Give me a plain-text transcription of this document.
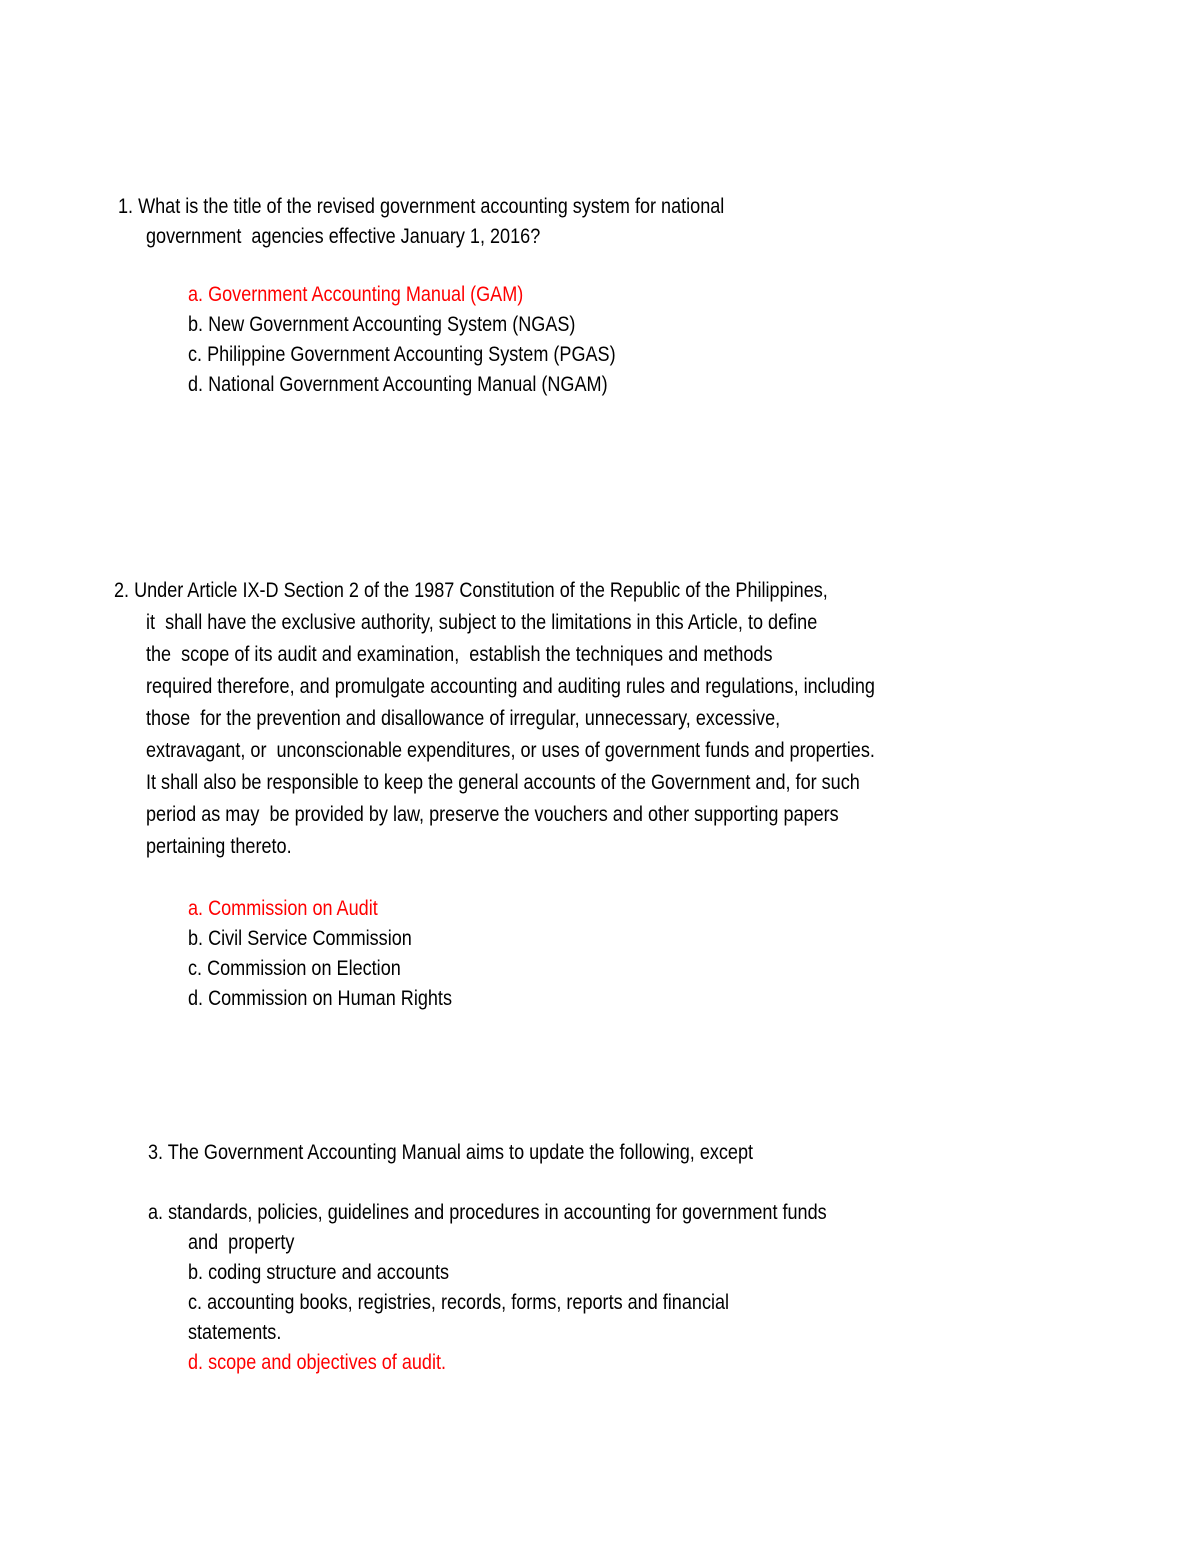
1. What is the title of the revised government accounting system for national
government  agencies effective January 1, 2016?
a. Government Accounting Manual (GAM)
b. New Government Accounting System (NGAS)
c. Philippine Government Accounting System (PGAS)
d. National Government Accounting Manual (NGAM)
2. Under Article IX-D Section 2 of the 1987 Constitution of the Republic of the Philippines,
it  shall have the exclusive authority, subject to the limitations in this Article, to define
the  scope of its audit and examination,  establish the techniques and methods
required therefore, and promulgate accounting and auditing rules and regulations, including
those  for the prevention and disallowance of irregular, unnecessary, excessive,
extravagant, or  unconscionable expenditures, or uses of government funds and properties.
It shall also be responsible to keep the general accounts of the Government and, for such
period as may  be provided by law, preserve the vouchers and other supporting papers
pertaining thereto.
a. Commission on Audit
b. Civil Service Commission
c. Commission on Election
d. Commission on Human Rights
3. The Government Accounting Manual aims to update the following, except
a. standards, policies, guidelines and procedures in accounting for government funds
and  property
b. coding structure and accounts
c. accounting books, registries, records, forms, reports and financial
statements.
d. scope and objectives of audit.
